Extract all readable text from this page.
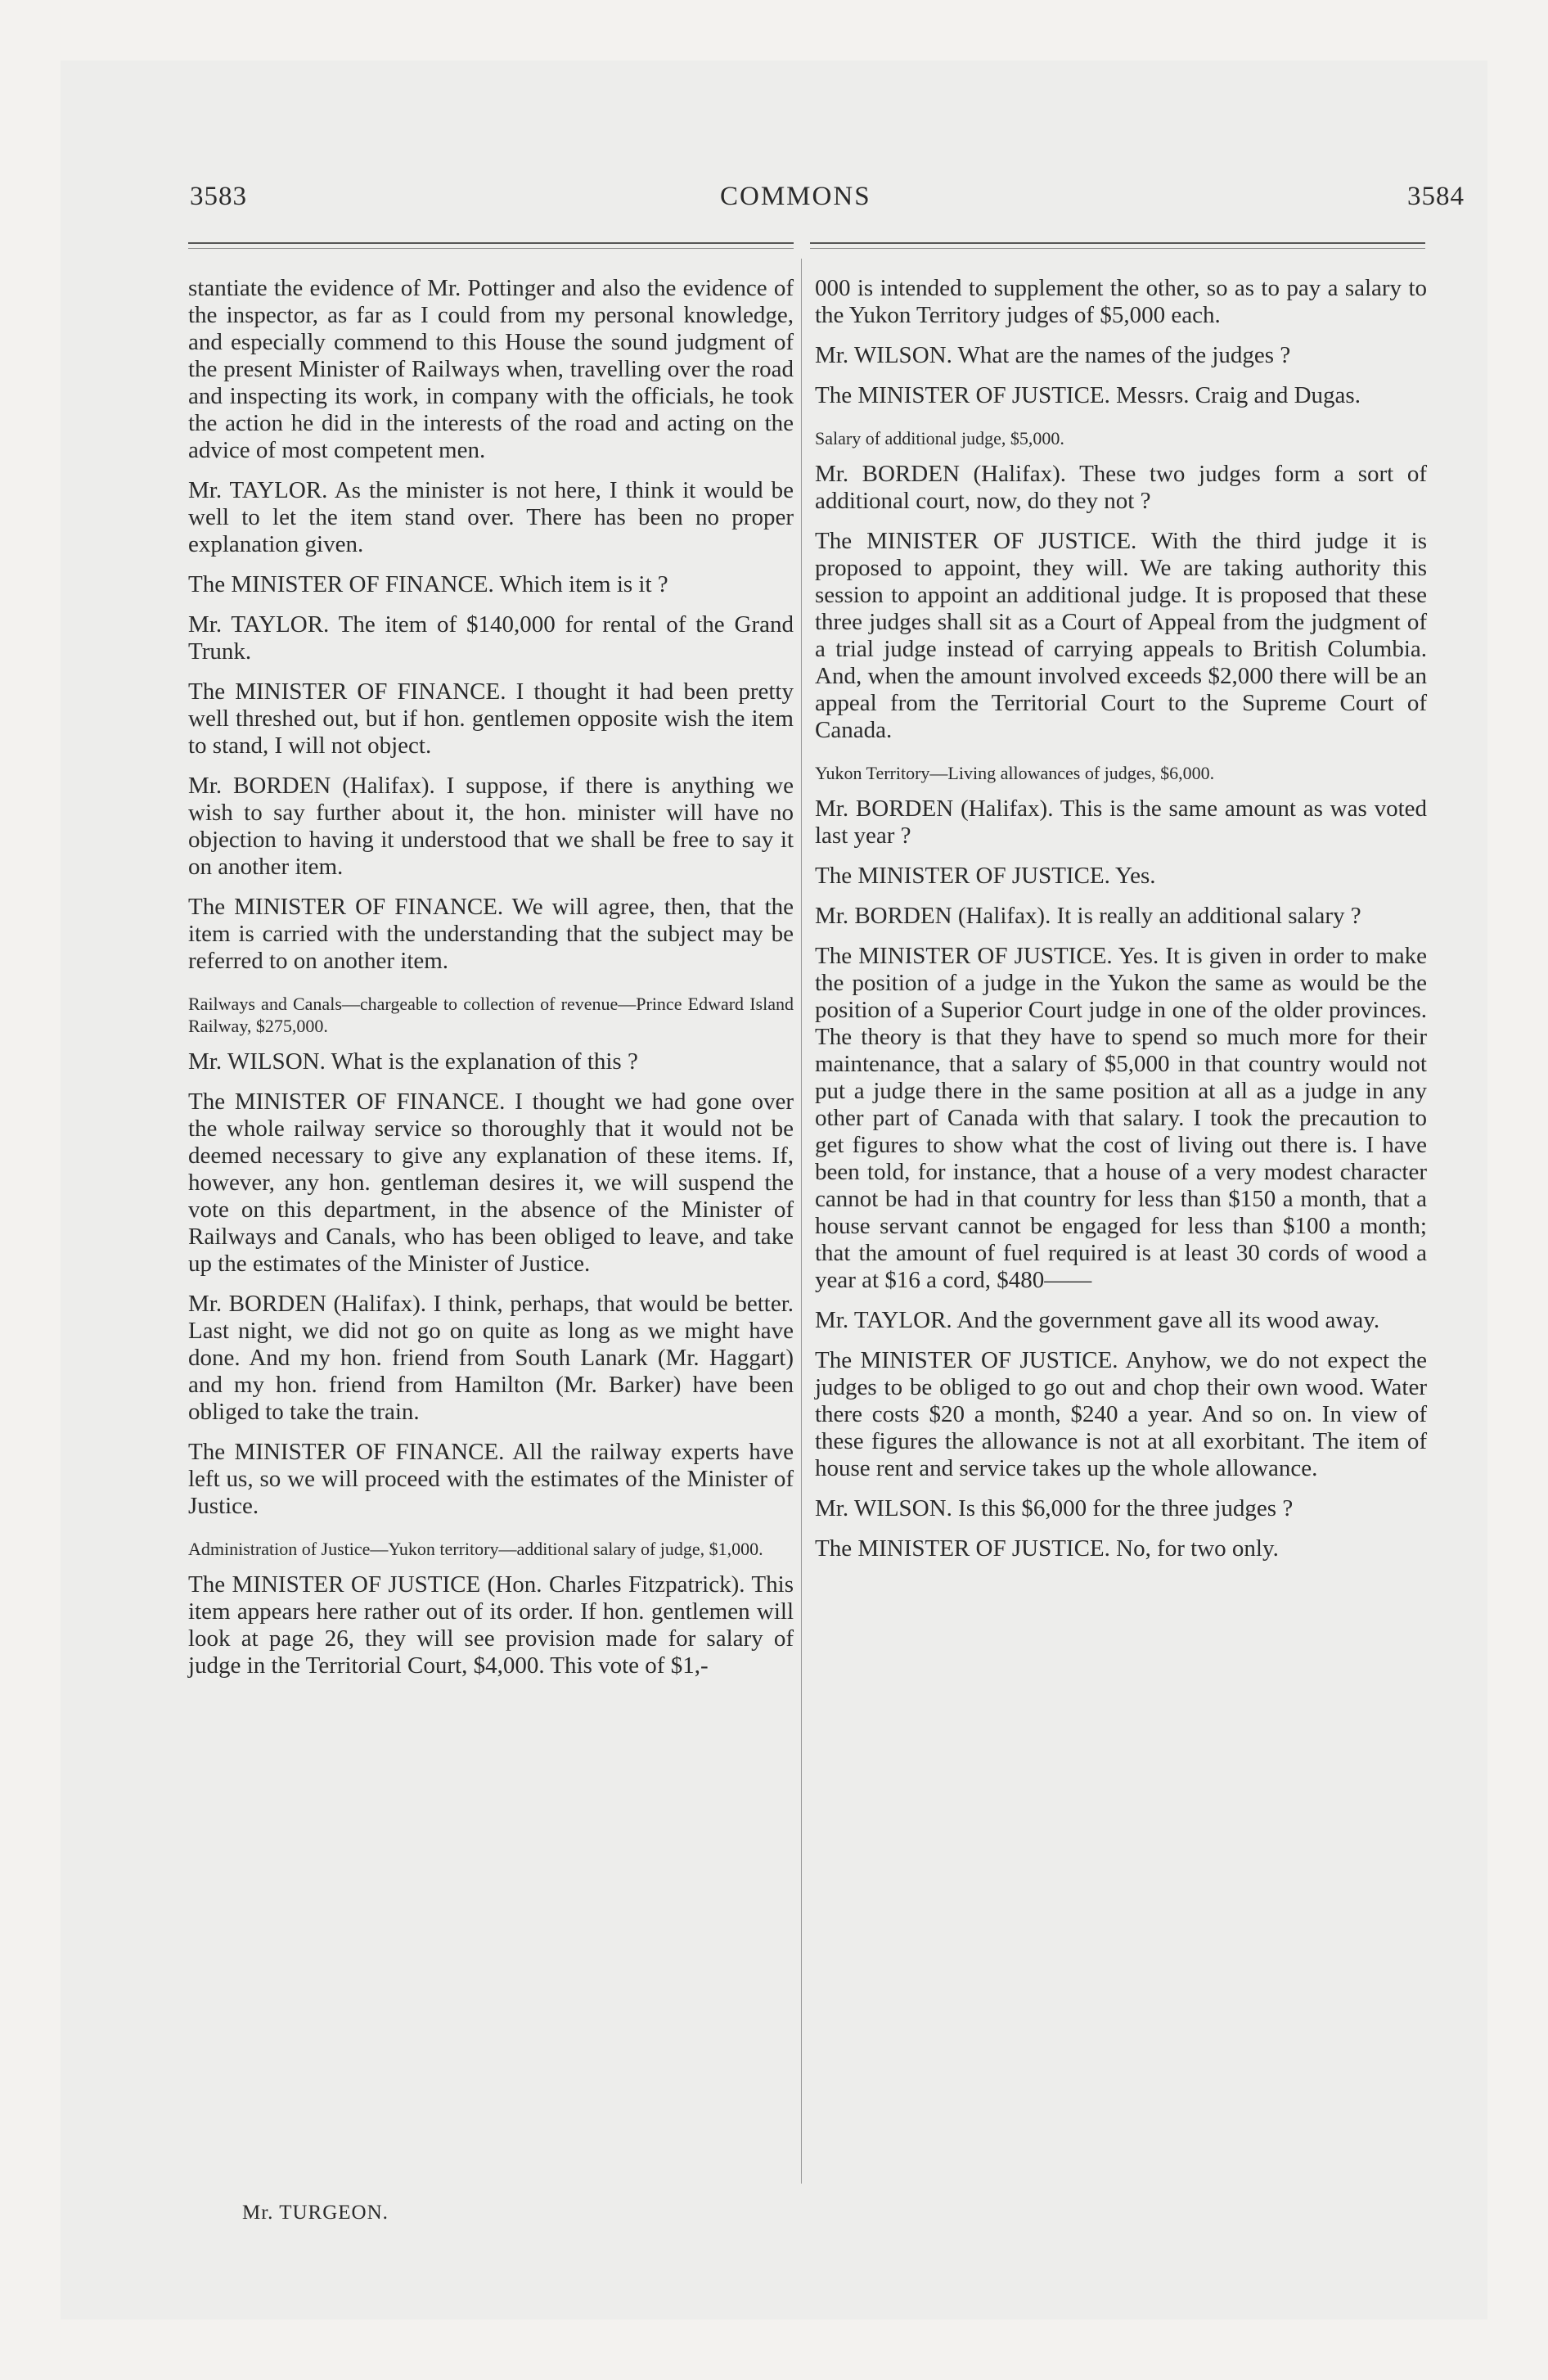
3583	COMMONS	3584

stantiate the evidence of Mr. Pottinger and also the evidence of the inspector, as far as I could from my personal knowledge, and especially commend to this House the sound judgment of the present Minister of Railways when, travelling over the road and inspecting its work, in company with the officials, he took the action he did in the interests of the road and acting on the advice of most competent men.

Mr. TAYLOR. As the minister is not here, I think it would be well to let the item stand over. There has been no proper explanation given.

The MINISTER OF FINANCE. Which item is it ?

Mr. TAYLOR. The item of $140,000 for rental of the Grand Trunk.

The MINISTER OF FINANCE. I thought it had been pretty well threshed out, but if hon. gentlemen opposite wish the item to stand, I will not object.

Mr. BORDEN (Halifax). I suppose, if there is anything we wish to say further about it, the hon. minister will have no objection to having it understood that we shall be free to say it on another item.

The MINISTER OF FINANCE. We will agree, then, that the item is carried with the understanding that the subject may be referred to on another item.

Railways and Canals—chargeable to collection of revenue—Prince Edward Island Railway, $275,000.

Mr. WILSON. What is the explanation of this ?

The MINISTER OF FINANCE. I thought we had gone over the whole railway service so thoroughly that it would not be deemed necessary to give any explanation of these items. If, however, any hon. gentleman desires it, we will suspend the vote on this department, in the absence of the Minister of Railways and Canals, who has been obliged to leave, and take up the estimates of the Minister of Justice.

Mr. BORDEN (Halifax). I think, perhaps, that would be better. Last night, we did not go on quite as long as we might have done. And my hon. friend from South Lanark (Mr. Haggart) and my hon. friend from Hamilton (Mr. Barker) have been obliged to take the train.

The MINISTER OF FINANCE. All the railway experts have left us, so we will proceed with the estimates of the Minister of Justice.

Administration of Justice—Yukon territory—additional salary of judge, $1,000.

The MINISTER OF JUSTICE (Hon. Charles Fitzpatrick). This item appears here rather out of its order. If hon. gentlemen will look at page 26, they will see provision made for salary of judge in the Territorial Court, $4,000. This vote of $1,-

000 is intended to supplement the other, so as to pay a salary to the Yukon Territory judges of $5,000 each.

Mr. WILSON. What are the names of the judges ?

The MINISTER OF JUSTICE. Messrs. Craig and Dugas.

Salary of additional judge, $5,000.

Mr. BORDEN (Halifax). These two judges form a sort of additional court, now, do they not ?

The MINISTER OF JUSTICE. With the third judge it is proposed to appoint, they will. We are taking authority this session to appoint an additional judge. It is proposed that these three judges shall sit as a Court of Appeal from the judgment of a trial judge instead of carrying appeals to British Columbia. And, when the amount involved exceeds $2,000 there will be an appeal from the Territorial Court to the Supreme Court of Canada.

Yukon Territory—Living allowances of judges, $6,000.

Mr. BORDEN (Halifax). This is the same amount as was voted last year ?

The MINISTER OF JUSTICE. Yes.

Mr. BORDEN (Halifax). It is really an additional salary ?

The MINISTER OF JUSTICE. Yes. It is given in order to make the position of a judge in the Yukon the same as would be the position of a Superior Court judge in one of the older provinces. The theory is that they have to spend so much more for their maintenance, that a salary of $5,000 in that country would not put a judge there in the same position at all as a judge in any other part of Canada with that salary. I took the precaution to get figures to show what the cost of living out there is. I have been told, for instance, that a house of a very modest character cannot be had in that country for less than $150 a month, that a house servant cannot be engaged for less than $100 a month; that the amount of fuel required is at least 30 cords of wood a year at $16 a cord, $480——

Mr. TAYLOR. And the government gave all its wood away.

The MINISTER OF JUSTICE. Anyhow, we do not expect the judges to be obliged to go out and chop their own wood. Water there costs $20 a month, $240 a year. And so on. In view of these figures the allowance is not at all exorbitant. The item of house rent and service takes up the whole allowance.

Mr. WILSON. Is this $6,000 for the three judges ?

The MINISTER OF JUSTICE. No, for two only.

Mr. TURGEON.
